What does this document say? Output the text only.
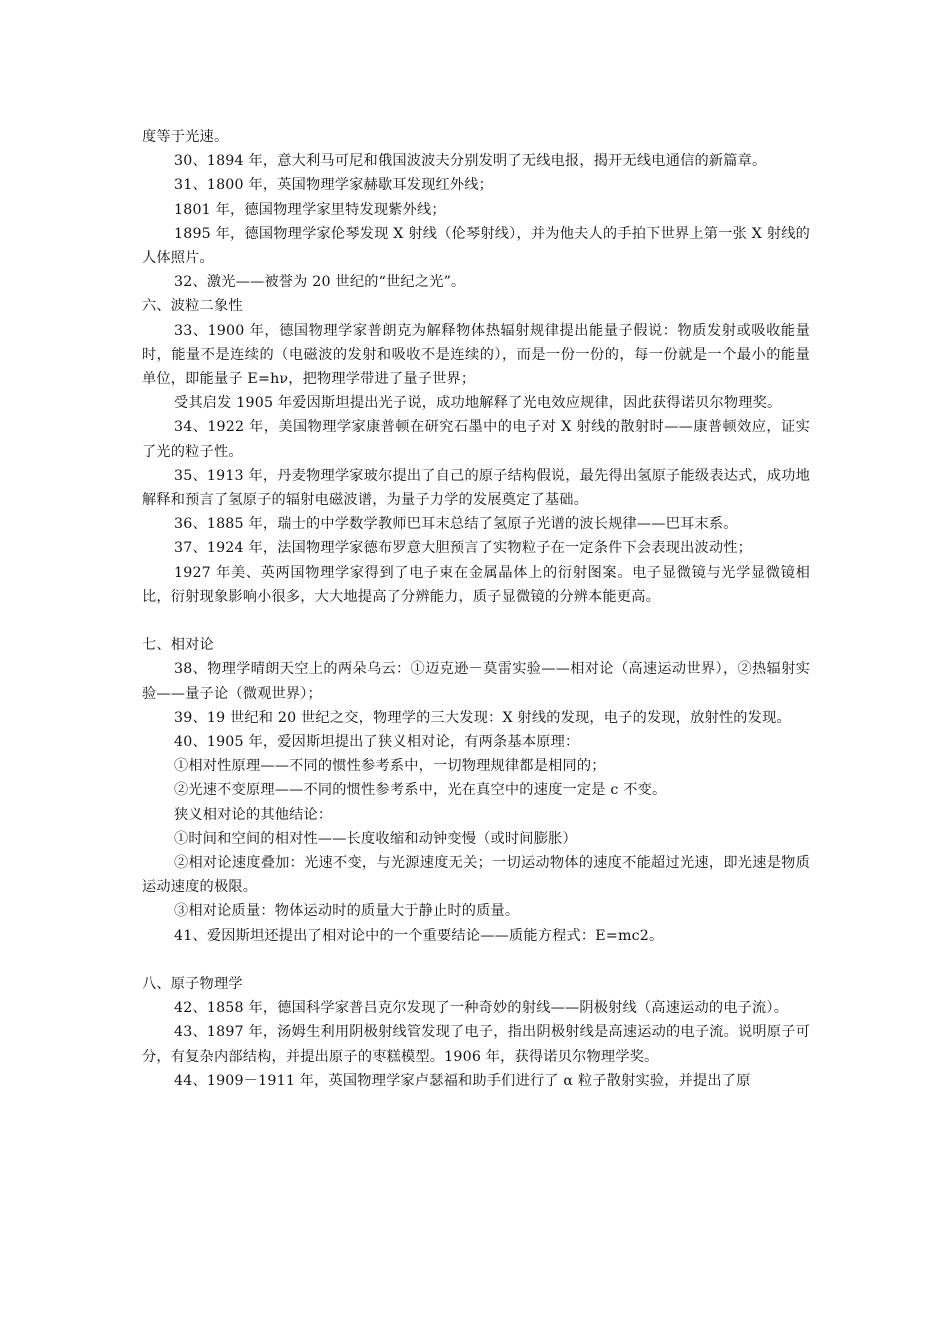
度等于光速。

30、1894 年，意大利马可尼和俄国波波夫分别发明了无线电报，揭开无线电通信的新篇章。

31、1800 年，英国物理学家赫歇耳发现红外线；

1801 年，德国物理学家里特发现紫外线；

1895 年，德国物理学家伦琴发现 X 射线（伦琴射线），并为他夫人的手拍下世界上第一张 X 射线的人体照片。

32、激光——被誉为 20 世纪的“世纪之光”。

六、波粒二象性

33、1900 年，德国物理学家普朗克为解释物体热辐射规律提出能量子假说：物质发射或吸收能量时，能量不是连续的（电磁波的发射和吸收不是连续的），而是一份一份的，每一份就是一个最小的能量单位，即能量子 E=hν，把物理学带进了量子世界；

受其启发 1905 年爱因斯坦提出光子说，成功地解释了光电效应规律，因此获得诺贝尔物理奖。

34、1922 年，美国物理学家康普顿在研究石墨中的电子对 X 射线的散射时——康普顿效应，证实了光的粒子性。

35、1913 年，丹麦物理学家玻尔提出了自己的原子结构假说，最先得出氢原子能级表达式，成功地解释和预言了氢原子的辐射电磁波谱，为量子力学的发展奠定了基础。

36、1885 年，瑞士的中学数学教师巴耳末总结了氢原子光谱的波长规律——巴耳末系。

37、1924 年，法国物理学家德布罗意大胆预言了实物粒子在一定条件下会表现出波动性；

1927 年美、英两国物理学家得到了电子束在金属晶体上的衍射图案。电子显微镜与光学显微镜相比，衍射现象影响小很多，大大地提高了分辨能力，质子显微镜的分辨本能更高。

七、相对论

38、物理学晴朗天空上的两朵乌云：①迈克逊－莫雷实验——相对论（高速运动世界），②热辐射实验——量子论（微观世界）；

39、19 世纪和 20 世纪之交，物理学的三大发现：X 射线的发现，电子的发现，放射性的发现。

40、1905 年，爱因斯坦提出了狭义相对论，有两条基本原理：

①相对性原理——不同的惯性参考系中，一切物理规律都是相同的；

②光速不变原理——不同的惯性参考系中，光在真空中的速度一定是 c 不变。

狭义相对论的其他结论：

①时间和空间的相对性——长度收缩和动钟变慢（或时间膨胀）

②相对论速度叠加：光速不变，与光源速度无关；一切运动物体的速度不能超过光速，即光速是物质运动速度的极限。

③相对论质量：物体运动时的质量大于静止时的质量。

41、爱因斯坦还提出了相对论中的一个重要结论——质能方程式：E=mc2。

八、原子物理学

42、1858 年，德国科学家普吕克尔发现了一种奇妙的射线——阴极射线（高速运动的电子流）。

43、1897 年，汤姆生利用阴极射线管发现了电子，指出阴极射线是高速运动的电子流。说明原子可分，有复杂内部结构，并提出原子的枣糕模型。1906 年，获得诺贝尔物理学奖。

44、1909－1911 年，英国物理学家卢瑟福和助手们进行了 α 粒子散射实验，并提出了原
